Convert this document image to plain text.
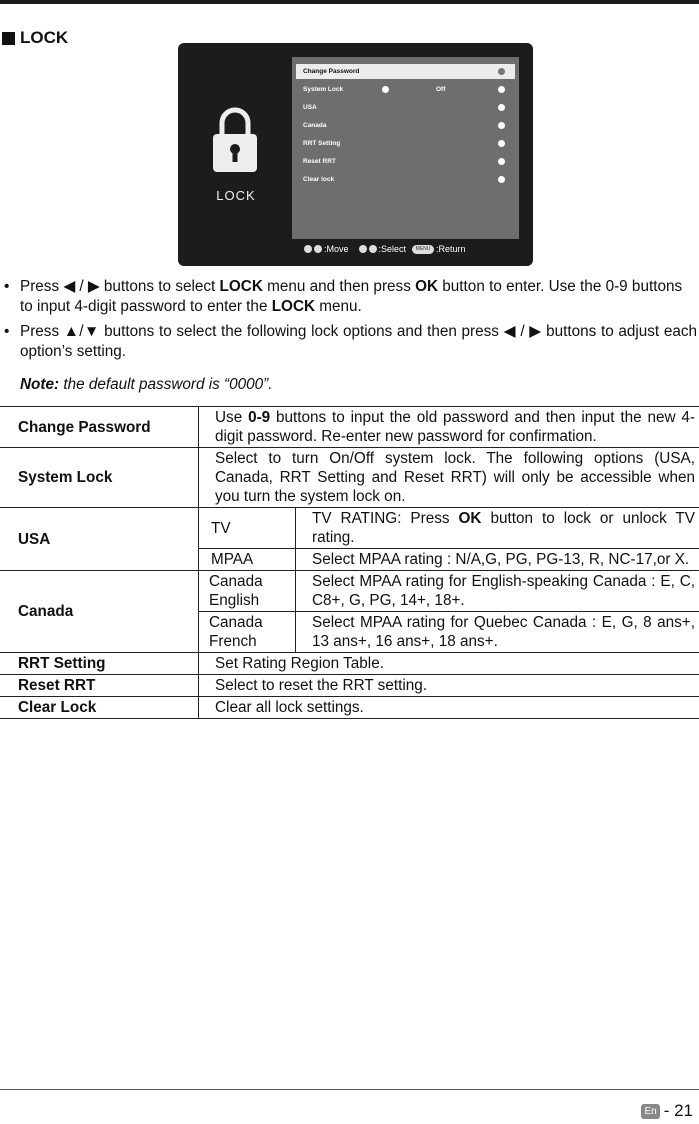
LOCK
LOCK
Change Password
System Lock	Off
USA
Canada
RRT Setting
Reset RRT
Clear lock
:Move	:Select	MENU :Return
• Press ◀ / ▶ buttons to select LOCK menu and then press OK button to enter. Use the 0-9 buttons to input 4-digit password to enter the LOCK menu.
• Press ▲/▼ buttons to select the following lock options and then press ◀ / ▶ buttons to adjust each option’s setting.
Note: the default password is “0000”.
Change Password	Use 0-9 buttons to input the old password and then input the new 4-digit password. Re-enter new password for confirmation.	
System Lock	Select to turn On/Off system lock. The following options (USA, Canada, RRT Setting and Reset RRT) will only be accessible when you turn the system lock on.	
USA	TV	TV RATING: Press OK button to lock or unlock TV rating.
	MPAA	Select MPAA rating : N/A,G, PG, PG-13, R, NC-17,or X.
Canada	Canada English	Select MPAA rating for English-speaking Canada : E, C, C8+, G, PG, 14+, 18+.
	Canada French	Select MPAA rating for Quebec Canada : E, G, 8 ans+, 13 ans+, 16 ans+, 18 ans+.
RRT Setting	Set Rating Region Table.	
Reset RRT	Select to reset the RRT setting.	
Clear Lock	Clear all lock settings.	
En - 21
